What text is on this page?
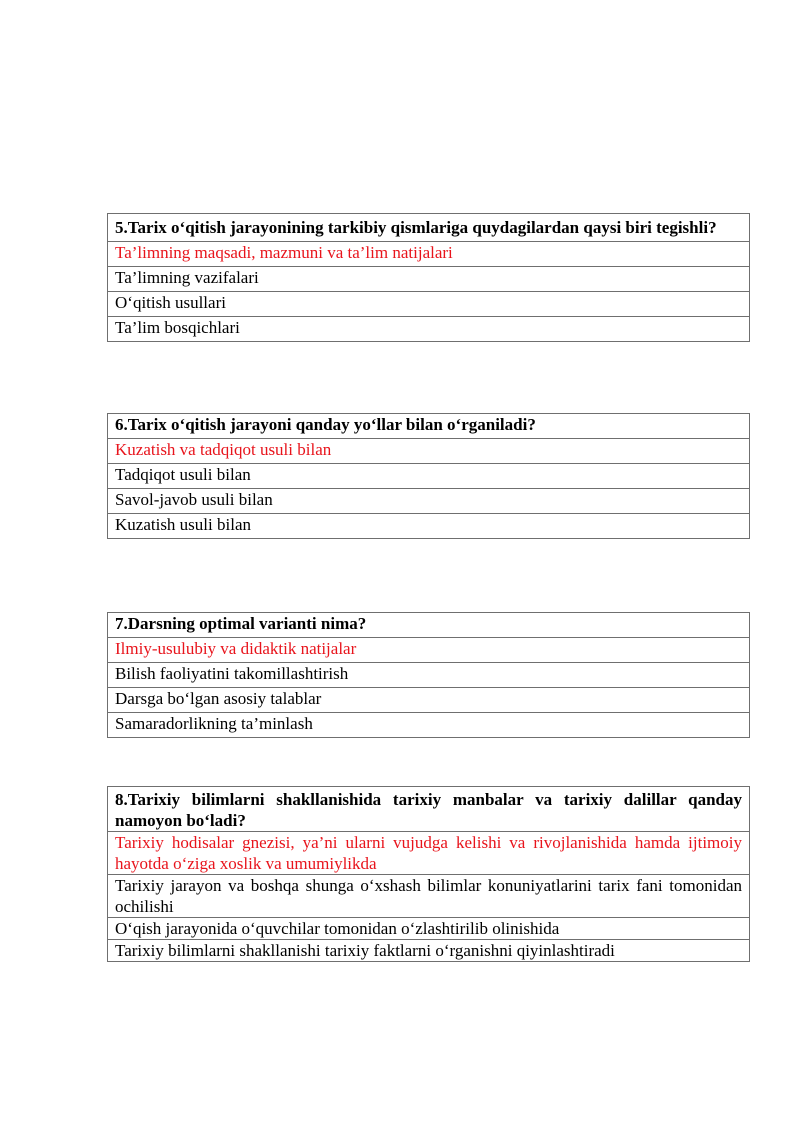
5.Tarix o‘qitish jarayonining tarkibiy qismlariga quydagilardan qaysi biri tegishli?
Ta’limning maqsadi, mazmuni va ta’lim natijalari
Ta’limning vazifalari
O‘qitish usullari
Ta’lim bosqichlari
6.Tarix o‘qitish jarayoni qanday yo‘llar bilan o‘rganiladi?
Kuzatish va tadqiqot usuli bilan
Tadqiqot usuli bilan
Savol-javob usuli bilan
Kuzatish usuli bilan
7.Darsning optimal varianti nima?
Ilmiy-usulubiy va didaktik natijalar
Bilish faoliyatini takomillashtirish
Darsga bo‘lgan asosiy talablar
Samaradorlikning ta’minlash
8.Tarixiy bilimlarni shakllanishida tarixiy manbalar va tarixiy dalillar qanday namoyon bo‘ladi?
Tarixiy hodisalar gnezisi, ya’ni ularni vujudga kelishi va rivojlanishida hamda ijtimoiy hayotda o‘ziga xoslik va umumiylikda
Tarixiy jarayon va boshqa shunga o‘xshash bilimlar konuniyatlarini tarix fani tomonidan ochilishi
O‘qish jarayonida o‘quvchilar tomonidan o‘zlashtirilib olinishida
Tarixiy bilimlarni shakllanishi tarixiy faktlarni o‘rganishni qiyinlashtiradi
